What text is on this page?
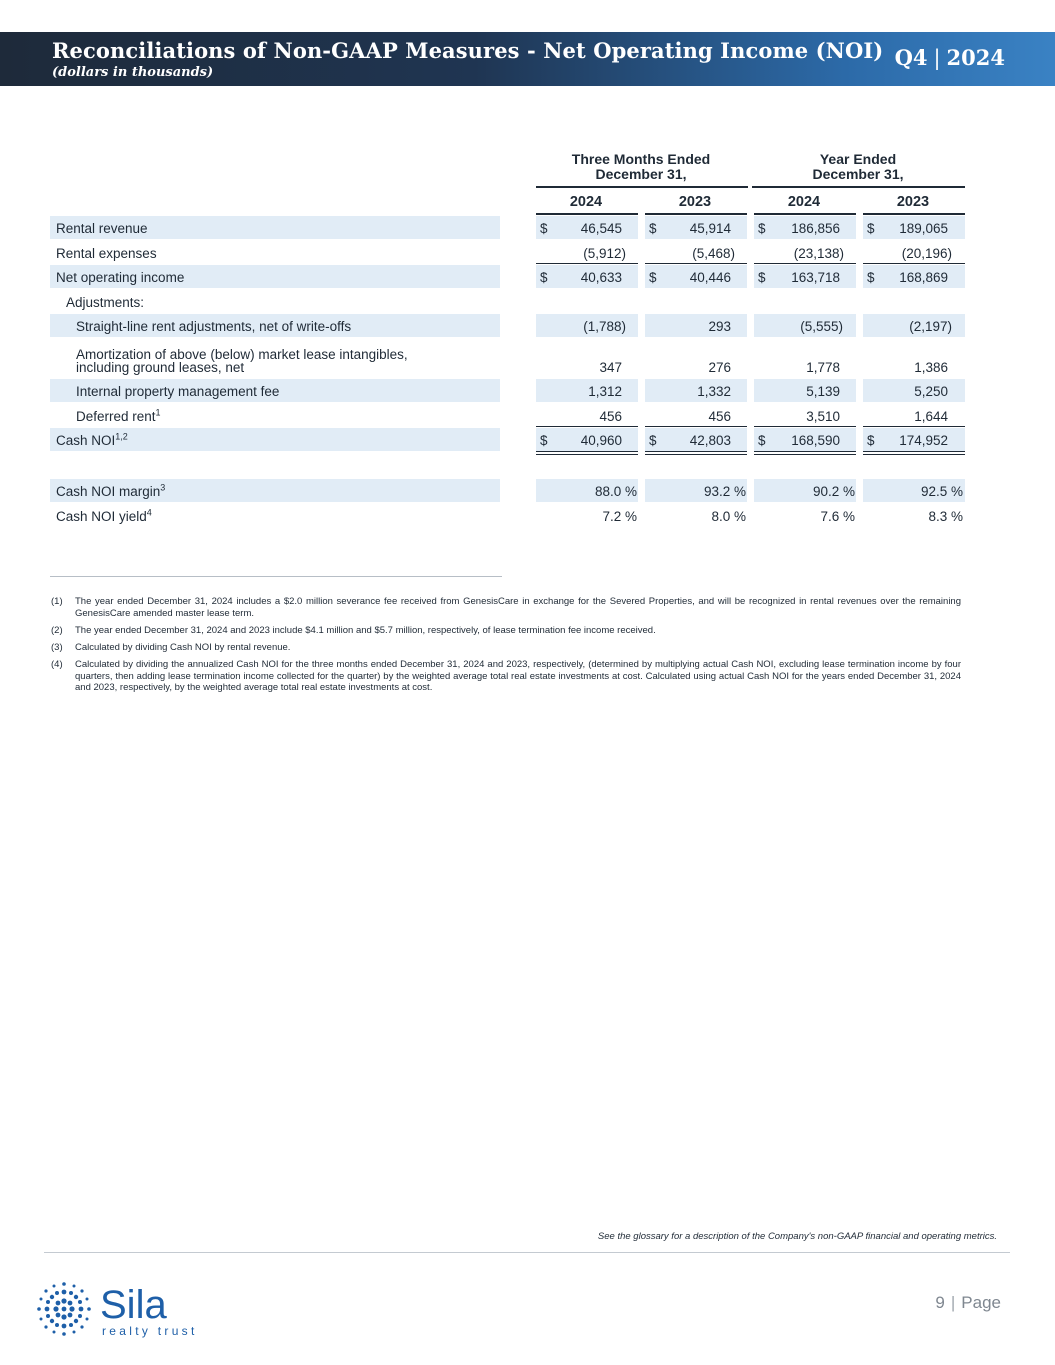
Reconciliations of Non-GAAP Measures - Net Operating Income (NOI)
(dollars in thousands)
Q4 | 2024
Three Months Ended
December 31,
Year Ended
December 31,
2024	2023	2024	2023
Rental revenue	$	46,545 $	45,914 $	186,856 $	189,065
Rental expenses	(5,912)	(5,468)	(23,138)	(20,196)
Net operating income	$	40,633 $	40,446 $	163,718 $	168,869
Adjustments:
Straight-line rent adjustments, net of write-offs	(1,788)	293	(5,555)	(2,197)
Amortization of above (below) market lease intangibles,
including ground leases, net	347	276	1,778	1,386
Internal property management fee	1,312	1,332	5,139	5,250
Deferred rent$^1$	456	456	3,510	1,644
Cash NOI$^{1,2}$	$	40,960 $	42,803 $	168,590 $	174,952
Cash NOI margin$^3$	88.0 %	93.2 %	90.2 %	92.5 %
Cash NOI yield$^4$	7.2 %	8.0 %	7.6 %	8.3 %
(1) The year ended December 31, 2024 includes a $2.0 million severance fee received from GenesisCare in exchange for the Severed Properties, and will be recognized in rental revenues over the remaining GenesisCare amended master lease term.
(2) The year ended December 31, 2024 and 2023 include $4.1 million and $5.7 million, respectively, of lease termination fee income received.
(3) Calculated by dividing Cash NOI by rental revenue.
(4) Calculated by dividing the annualized Cash NOI for the three months ended December 31, 2024 and 2023, respectively, (determined by multiplying actual Cash NOI, excluding lease termination income by four quarters, then adding lease termination income collected for the quarter) by the weighted average total real estate investments at cost. Calculated using actual Cash NOI for the years ended December 31, 2024 and 2023, respectively, by the weighted average total real estate investments at cost.
See the glossary for a description of the Company's non-GAAP financial and operating metrics.
Sila
realty trust
9 | Page
